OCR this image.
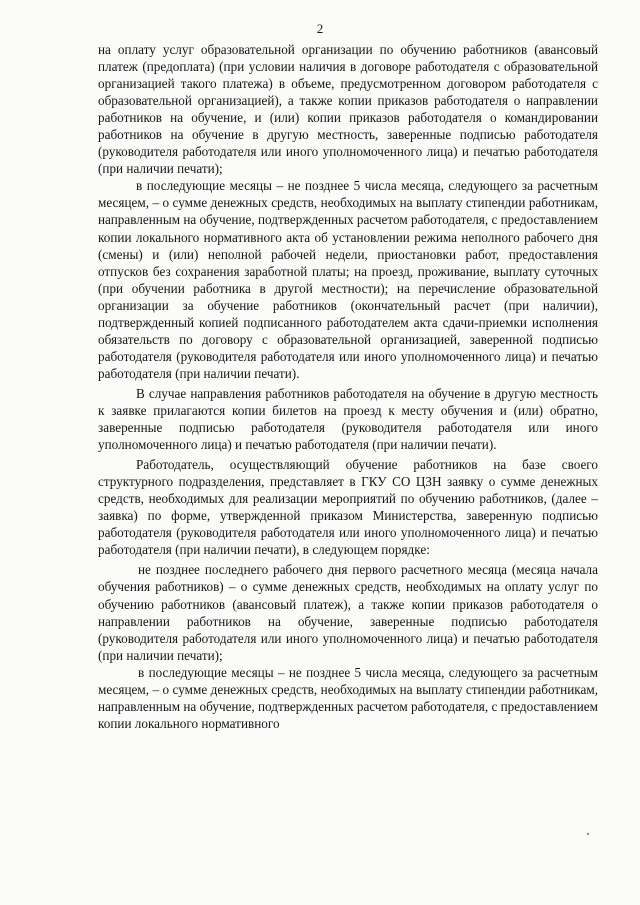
2

на оплату услуг образовательной организации по обучению работников (авансовый платеж (предоплата) (при условии наличия в договоре работодателя с образовательной организацией такого платежа) в объеме, предусмотренном договором работодателя с образовательной организацией), а также копии приказов работодателя о направлении работников на обучение, и (или) копии приказов работодателя о командировании работников на обучение в другую местность, заверенные подписью работодателя (руководителя работодателя или иного уполномоченного лица) и печатью работодателя (при наличии печати);

в последующие месяцы – не позднее 5 числа месяца, следующего за расчетным месяцем, – о сумме денежных средств, необходимых на выплату стипендии работникам, направленным на обучение, подтвержденных расчетом работодателя, с предоставлением копии локального нормативного акта об установлении режима неполного рабочего дня (смены) и (или) неполной рабочей недели, приостановки работ, предоставления отпусков без сохранения заработной платы; на проезд, проживание, выплату суточных (при обучении работника в другой местности); на перечисление образовательной организации за обучение работников (окончательный расчет (при наличии), подтвержденный копией подписанного работодателем акта сдачи-приемки исполнения обязательств по договору с образовательной организацией, заверенной подписью работодателя (руководителя работодателя или иного уполномоченного лица) и печатью работодателя (при наличии печати).

В случае направления работников работодателя на обучение в другую местность к заявке прилагаются копии билетов на проезд к месту обучения и (или) обратно, заверенные подписью работодателя (руководителя работодателя или иного уполномоченного лица) и печатью работодателя (при наличии печати).

Работодатель, осуществляющий обучение работников на базе своего структурного подразделения, представляет в ГКУ СО ЦЗН заявку о сумме денежных средств, необходимых для реализации мероприятий по обучению работников, (далее – заявка) по форме, утвержденной приказом Министерства, заверенную подписью работодателя (руководителя работодателя или иного уполномоченного лица) и печатью работодателя (при наличии печати), в следующем порядке:

не позднее последнего рабочего дня первого расчетного месяца (месяца начала обучения работников) – о сумме денежных средств, необходимых на оплату услуг по обучению работников (авансовый платеж), а также копии приказов работодателя о направлении работников на обучение, заверенные подписью работодателя (руководителя работодателя или иного уполномоченного лица) и печатью работодателя (при наличии печати);

в последующие месяцы – не позднее 5 числа месяца, следующего за расчетным месяцем, – о сумме денежных средств, необходимых на выплату стипендии работникам, направленным на обучение, подтвержденных расчетом работодателя, с предоставлением копии локального нормативного
